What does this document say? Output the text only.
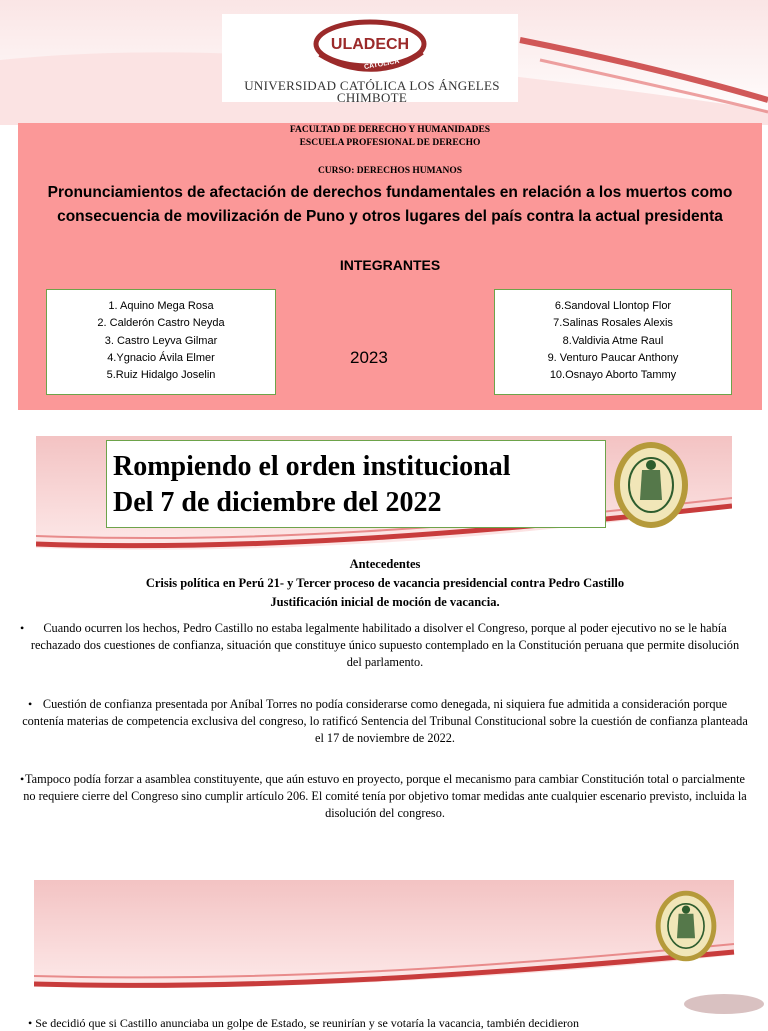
ULADECH
CATÓLICA
UNIVERSIDAD CATÓLICA LOS ÁNGELES
CHIMBOTE
FACULTAD DE DERECHO Y HUMANIDADES
ESCUELA PROFESIONAL DE DERECHO
CURSO: DERECHOS HUMANOS
Pronunciamientos de afectación de derechos fundamentales en relación a los muertos como consecuencia de movilización de Puno y otros lugares del país contra la actual presidenta
INTEGRANTES
1. Aquino Mega Rosa
2. Calderón Castro Neyda
3. Castro Leyva Gilmar
4.Ygnacio Ávila Elmer
5.Ruiz Hidalgo Joselin
2023
6.Sandoval Llontop Flor
7.Salinas Rosales Alexis
8.Valdivia Atme Raul
9. Venturo Paucar Anthony
10.Osnayo Aborto Tammy
Rompiendo el orden institucional
Del 7 de diciembre del 2022
Antecedentes
Crisis política en Perú 21- y Tercer proceso de vacancia presidencial contra Pedro Castillo
Justificación inicial de moción de vacancia.
• Cuando ocurren los hechos, Pedro Castillo no estaba legalmente habilitado a disolver el Congreso, porque al poder ejecutivo no se le había rechazado dos cuestiones de confianza, situación que constituye único supuesto contemplado en la Constitución peruana que permite disolución del parlamento.
• Cuestión de confianza presentada por Aníbal Torres no podía considerarse como denegada, ni siquiera fue admitida a consideración porque contenía materias de competencia exclusiva del congreso, lo ratificó Sentencia del Tribunal Constitucional sobre la cuestión de confianza planteada el 17 de noviembre de 2022.
• Tampoco podía forzar a asamblea constituyente, que aún estuvo en proyecto, porque el mecanismo para cambiar Constitución total o parcialmente no requiere cierre del Congreso sino cumplir artículo 206. El comité tenía por objetivo tomar medidas ante cualquier escenario previsto, incluida la disolución del congreso.
• Se decidió que si Castillo anunciaba un golpe de Estado, se reunirían y se votaría la vacancia, también decidieron
